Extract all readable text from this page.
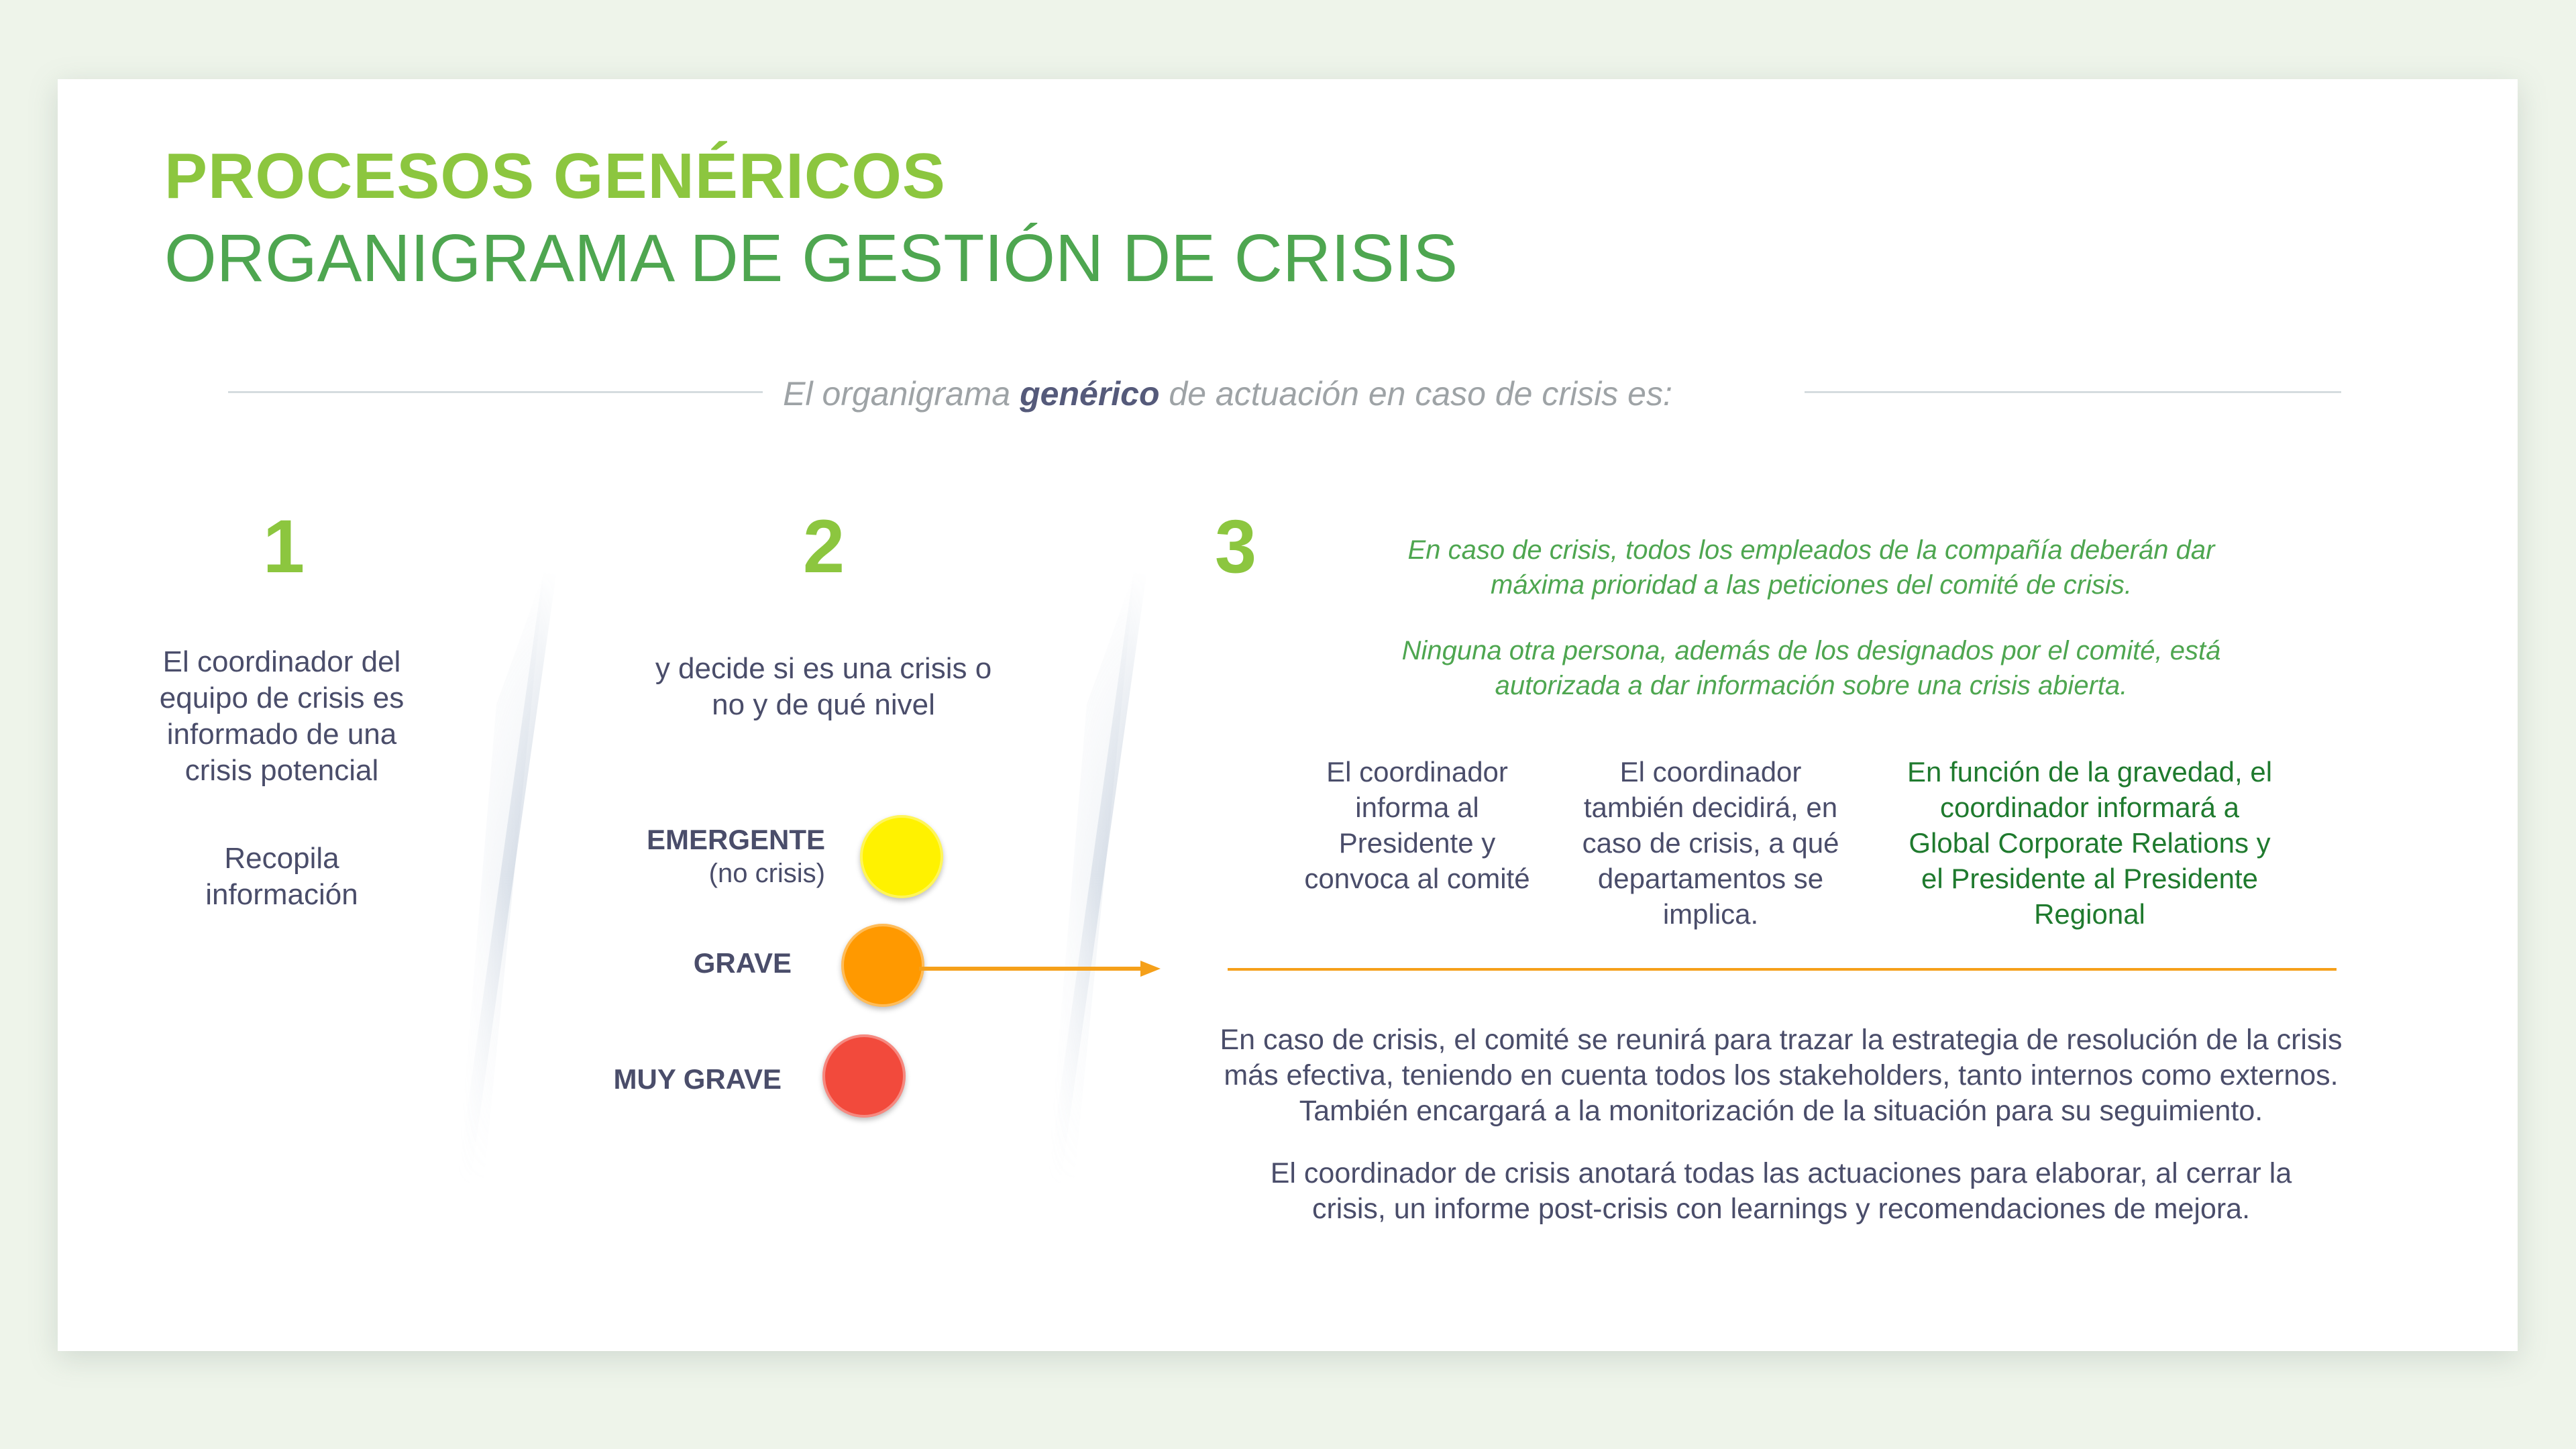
PROCESOS GENÉRICOS
ORGANIGRAMA DE GESTIÓN DE CRISIS
El organigrama genérico de actuación en caso de crisis es:
1
El coordinador del equipo de crisis es informado de una crisis potencial
Recopila información
2
y decide si es una crisis o no y de qué nivel
EMERGENTE
(no crisis)
GRAVE
MUY GRAVE
3	En caso de crisis, todos los empleados de la compañía deberán dar máxima prioridad a las peticiones del comité de crisis.
Ninguna otra persona, además de los designados por el comité, está autorizada a dar información sobre una crisis abierta.
El coordinador informa al Presidente y convoca al comité
El coordinador también decidirá, en caso de crisis, a qué departamentos se implica.
En función de la gravedad, el coordinador informará a Global Corporate Relations y el Presidente al Presidente Regional
En caso de crisis, el comité se reunirá para trazar la estrategia de resolución de la crisis más efectiva, teniendo en cuenta todos los stakeholders, tanto internos como externos. También encargará a la monitorización de la situación para su seguimiento.
El coordinador de crisis anotará todas las actuaciones para elaborar, al cerrar la crisis, un informe post-crisis con learnings y recomendaciones de mejora.
